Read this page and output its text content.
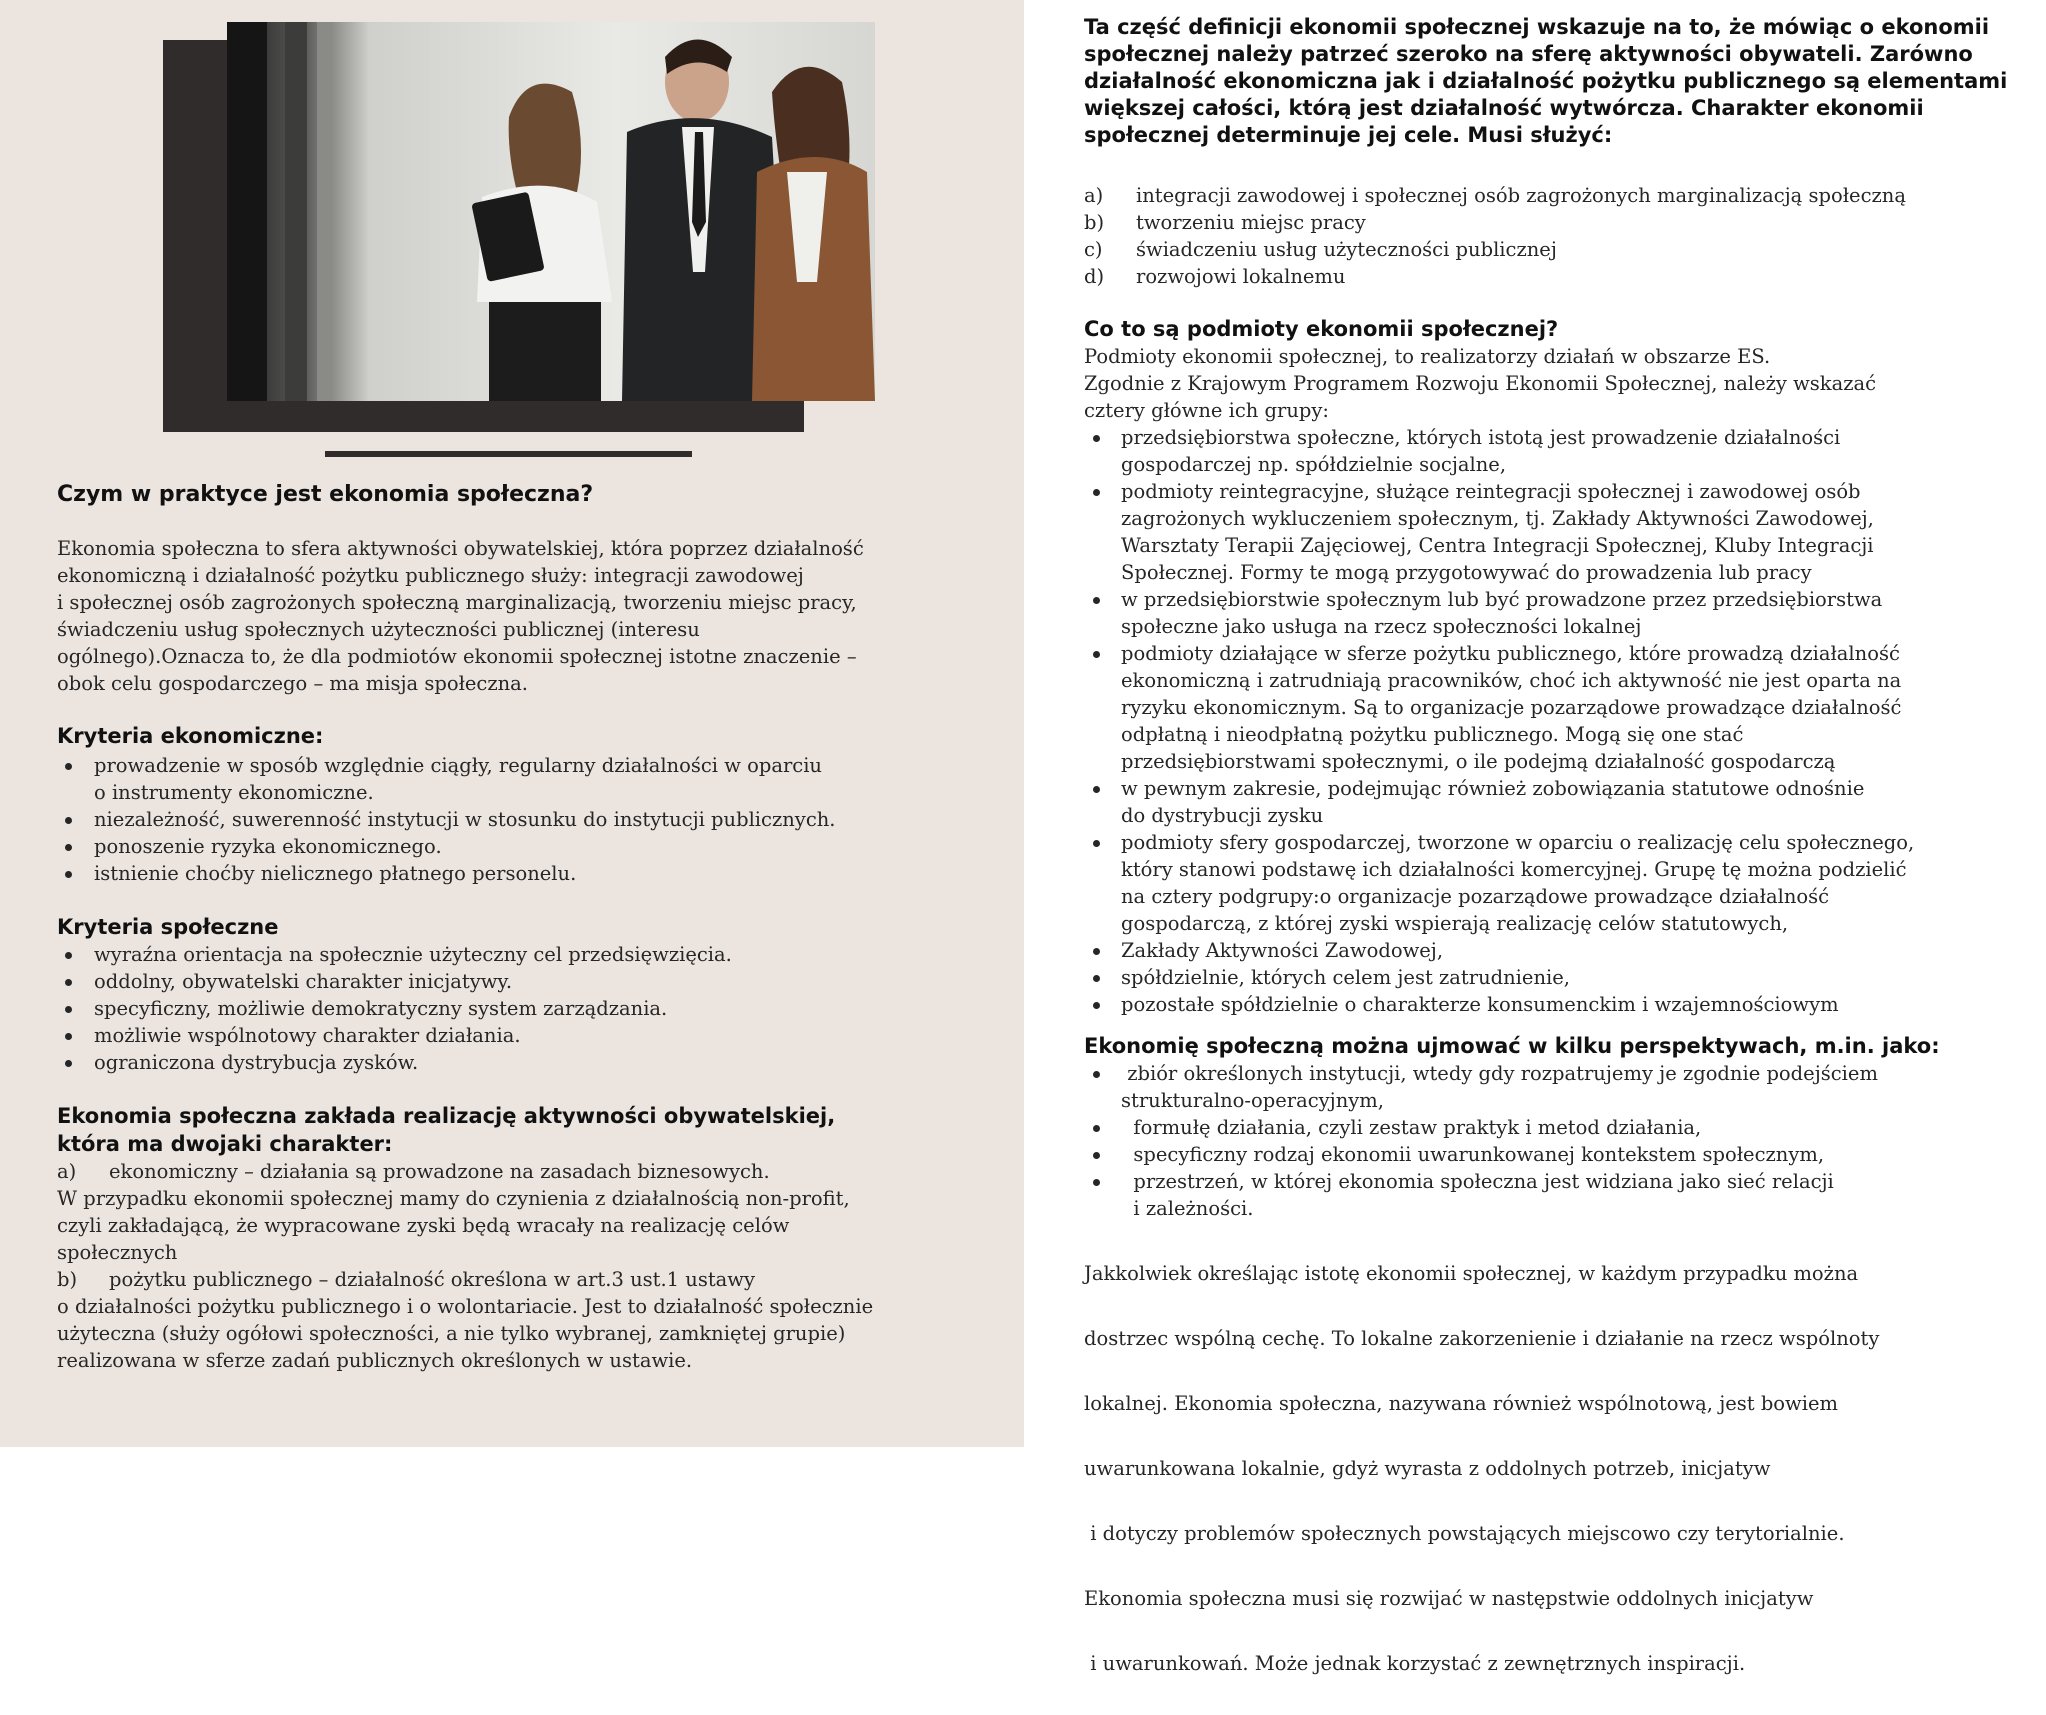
Czym w praktyce jest ekonomia społeczna?

Ekonomia społeczna to sfera aktywności obywatelskiej, która poprzez działalność

ekonomiczną i działalność pożytku publicznego służy: integracji zawodowej

i społecznej osób zagrożonych społeczną marginalizacją, tworzeniu miejsc pracy,

świadczeniu usług społecznych użyteczności publicznej (interesu

ogólnego).Oznacza to, że dla podmiotów ekonomii społecznej istotne znaczenie –

obok celu gospodarczego – ma misja społeczna.

Kryteria ekonomiczne:

prowadzenie w sposób względnie ciągły, regularny działalności w oparciu
o instrumenty ekonomiczne.
niezależność, suwerenność instytucji w stosunku do instytucji publicznych.
ponoszenie ryzyka ekonomicznego.
istnienie choćby nielicznego płatnego personelu.

Kryteria społeczne

wyraźna orientacja na społecznie użyteczny cel przedsięwzięcia.
oddolny, obywatelski charakter inicjatywy.
specyficzny, możliwie demokratyczny system zarządzania.
możliwie wspólnotowy charakter działania.
ograniczona dystrybucja zysków.

Ekonomia społeczna zakłada realizację aktywności obywatelskiej,

która ma dwojaki charakter:

a)	ekonomiczny – działania są prowadzone na zasadach biznesowych.

W przypadku ekonomii społecznej mamy do czynienia z działalnością non-profit,

czyli zakładającą, że wypracowane zyski będą wracały na realizację celów

społecznych

b)	pożytku publicznego – działalność określona w art.3 ust.1 ustawy

o działalności pożytku publicznego i o wolontariacie. Jest to działalność społecznie

użyteczna (służy ogółowi społeczności, a nie tylko wybranej, zamkniętej grupie)

realizowana w sferze zadań publicznych określonych w ustawie.

Ta część definicji ekonomii społecznej wskazuje na to, że mówiąc o ekonomii

społecznej należy patrzeć szeroko na sferę aktywności obywateli. Zarówno

działalność ekonomiczna jak i działalność pożytku publicznego są elementami

większej całości, którą jest działalność wytwórcza. Charakter ekonomii

społecznej determinuje jej cele. Musi służyć:

a)	integracji zawodowej i społecznej osób zagrożonych marginalizacją społeczną
b)	tworzeniu miejsc pracy
c)	świadczeniu usług użyteczności publicznej
d)	rozwojowi lokalnemu

Co to są podmioty ekonomii społecznej?

Podmioty ekonomii społecznej, to realizatorzy działań w obszarze ES.

Zgodnie z Krajowym Programem Rozwoju Ekonomii Społecznej, należy wskazać

cztery główne ich grupy:

przedsiębiorstwa społeczne, których istotą jest prowadzenie działalności
gospodarczej np. spółdzielnie socjalne,
podmioty reintegracyjne, służące reintegracji społecznej i zawodowej osób
zagrożonych wykluczeniem społecznym, tj. Zakłady Aktywności Zawodowej,
Warsztaty Terapii Zajęciowej, Centra Integracji Społecznej, Kluby Integracji
Społecznej. Formy te mogą przygotowywać do prowadzenia lub pracy
w przedsiębiorstwie społecznym lub być prowadzone przez przedsiębiorstwa
społeczne jako usługa na rzecz społeczności lokalnej
podmioty działające w sferze pożytku publicznego, które prowadzą działalność
ekonomiczną i zatrudniają pracowników, choć ich aktywność nie jest oparta na
ryzyku ekonomicznym. Są to organizacje pozarządowe prowadzące działalność
odpłatną i nieodpłatną pożytku publicznego. Mogą się one stać
przedsiębiorstwami społecznymi, o ile podejmą działalność gospodarczą
w pewnym zakresie, podejmując również zobowiązania statutowe odnośnie
do dystrybucji zysku
podmioty sfery gospodarczej, tworzone w oparciu o realizację celu społecznego,
który stanowi podstawę ich działalności komercyjnej. Grupę tę można podzielić
na cztery podgrupy:o organizacje pozarządowe prowadzące działalność
gospodarczą, z której zyski wspierają realizację celów statutowych,
Zakłady Aktywności Zawodowej,
spółdzielnie, których celem jest zatrudnienie,
pozostałe spółdzielnie o charakterze konsumenckim i wzajemnościowym

Ekonomię społeczną można ujmować w kilku perspektywach, m.in. jako:

zbiór określonych instytucji, wtedy gdy rozpatrujemy je zgodnie podejściem
strukturalno-operacyjnym,
formułę działania, czyli zestaw praktyk i metod działania,
specyficzny rodzaj ekonomii uwarunkowanej kontekstem społecznym,
przestrzeń, w której ekonomia społeczna jest widziana jako sieć relacji
i zależności.

Jakkolwiek określając istotę ekonomii społecznej, w każdym przypadku można

dostrzec wspólną cechę. To lokalne zakorzenienie i działanie na rzecz wspólnoty

lokalnej. Ekonomia społeczna, nazywana również wspólnotową, jest bowiem

uwarunkowana lokalnie, gdyż wyrasta z oddolnych potrzeb, inicjatyw

i dotyczy problemów społecznych powstających miejscowo czy terytorialnie.

Ekonomia społeczna musi się rozwijać w następstwie oddolnych inicjatyw

i uwarunkowań. Może jednak korzystać z zewnętrznych inspiracji.
